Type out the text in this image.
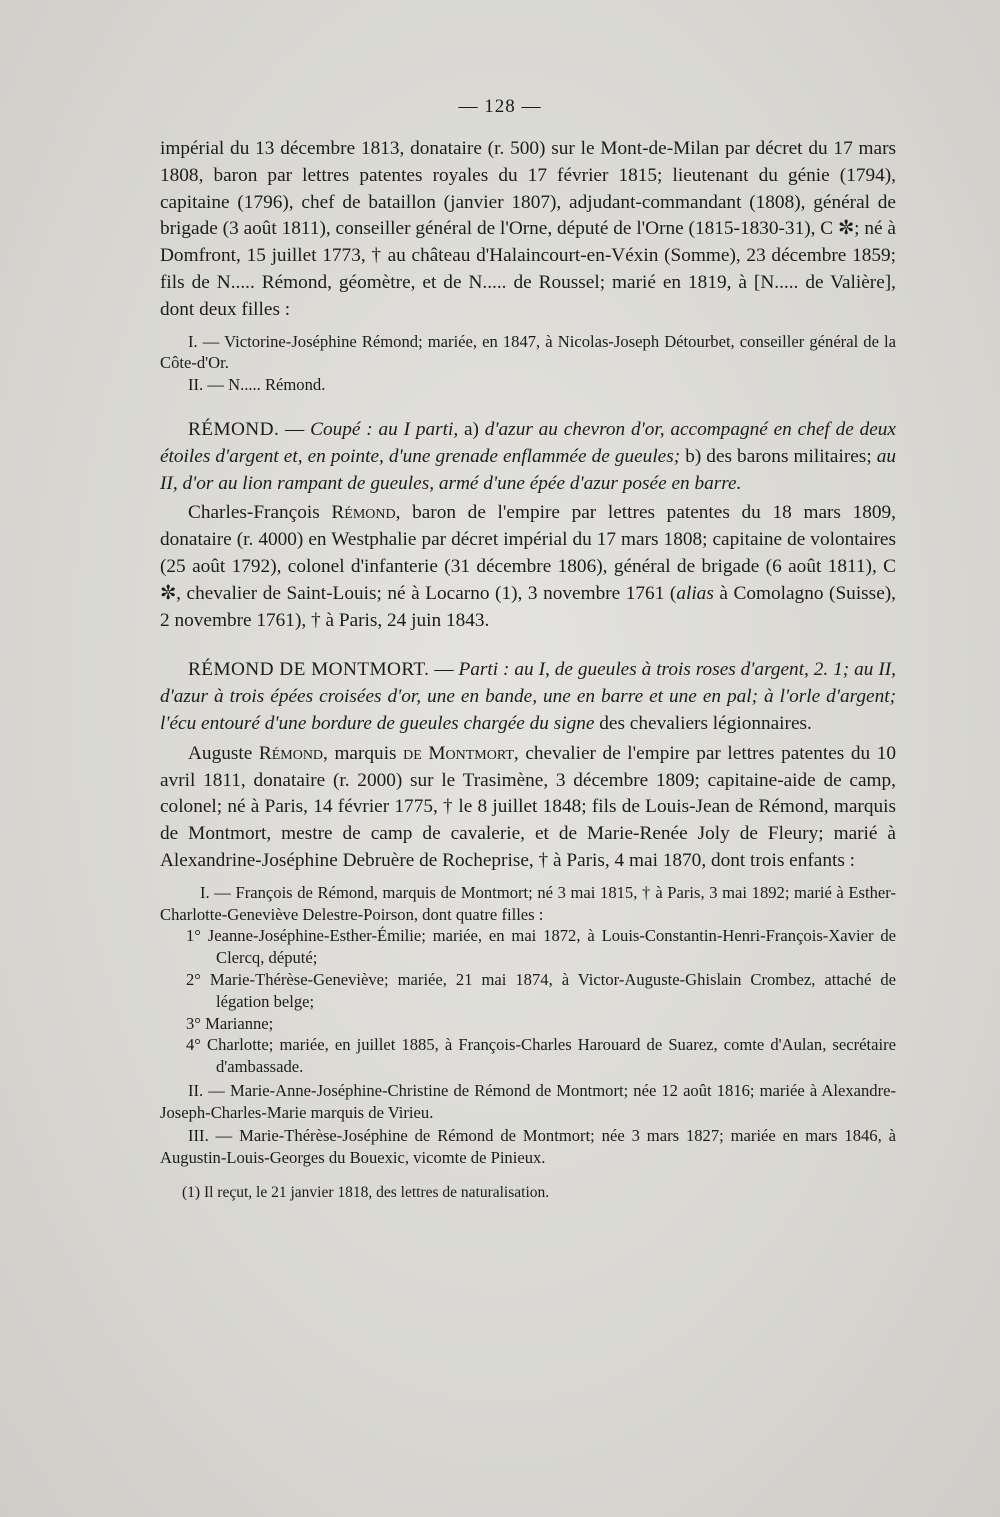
— 128 —

impérial du 13 décembre 1813, donataire (r. 500) sur le Mont-de-Milan par décret du 17 mars 1808, baron par lettres patentes royales du 17 février 1815; lieutenant du génie (1794), capitaine (1796), chef de bataillon (janvier 1807), adjudant-commandant (1808), général de brigade (3 août 1811), conseiller général de l'Orne, député de l'Orne (1815-1830-31), C ✼; né à Domfront, 15 juillet 1773, † au château d'Halaincourt-en-Véxin (Somme), 23 décembre 1859; fils de N..... Rémond, géomètre, et de N..... de Roussel; marié en 1819, à [N..... de Valière], dont deux filles :

I. — Victorine-Joséphine Rémond; mariée, en 1847, à Nicolas-Joseph Détourbet, conseiller général de la Côte-d'Or.

II. — N..... Rémond.

RÉMOND. — Coupé : au I parti, a) d'azur au chevron d'or, accompagné en chef de deux étoiles d'argent et, en pointe, d'une grenade enflammée de gueules; b) des barons militaires; au II, d'or au lion rampant de gueules, armé d'une épée d'azur posée en barre.

Charles-François Rémond, baron de l'empire par lettres patentes du 18 mars 1809, donataire (r. 4000) en Westphalie par décret impérial du 17 mars 1808; capitaine de volontaires (25 août 1792), colonel d'infanterie (31 décembre 1806), général de brigade (6 août 1811), C ✼, chevalier de Saint-Louis; né à Locarno (1), 3 novembre 1761 (alias à Comolagno (Suisse), 2 novembre 1761), † à Paris, 24 juin 1843.

RÉMOND DE MONTMORT. — Parti : au I, de gueules à trois roses d'argent, 2. 1; au II, d'azur à trois épées croisées d'or, une en bande, une en barre et une en pal; à l'orle d'argent; l'écu entouré d'une bordure de gueules chargée du signe des chevaliers légionnaires.

Auguste Rémond, marquis de Montmort, chevalier de l'empire par lettres patentes du 10 avril 1811, donataire (r. 2000) sur le Trasimène, 3 décembre 1809; capitaine-aide de camp, colonel; né à Paris, 14 février 1775, † le 8 juillet 1848; fils de Louis-Jean de Rémond, marquis de Montmort, mestre de camp de cavalerie, et de Marie-Renée Joly de Fleury; marié à Alexandrine-Joséphine Debruère de Rocheprise, † à Paris, 4 mai 1870, dont trois enfants :

I. — François de Rémond, marquis de Montmort; né 3 mai 1815, † à Paris, 3 mai 1892; marié à Esther-Charlotte-Geneviève Delestre-Poirson, dont quatre filles :

1° Jeanne-Joséphine-Esther-Émilie; mariée, en mai 1872, à Louis-Constantin-Henri-François-Xavier de Clercq, député;

2° Marie-Thérèse-Geneviève; mariée, 21 mai 1874, à Victor-Auguste-Ghislain Crombez, attaché de légation belge;

3° Marianne;

4° Charlotte; mariée, en juillet 1885, à François-Charles Harouard de Suarez, comte d'Aulan, secrétaire d'ambassade.

II. — Marie-Anne-Joséphine-Christine de Rémond de Montmort; née 12 août 1816; mariée à Alexandre-Joseph-Charles-Marie marquis de Virieu.

III. — Marie-Thérèse-Joséphine de Rémond de Montmort; née 3 mars 1827; mariée en mars 1846, à Augustin-Louis-Georges du Bouexic, vicomte de Pinieux.

(1) Il reçut, le 21 janvier 1818, des lettres de naturalisation.
